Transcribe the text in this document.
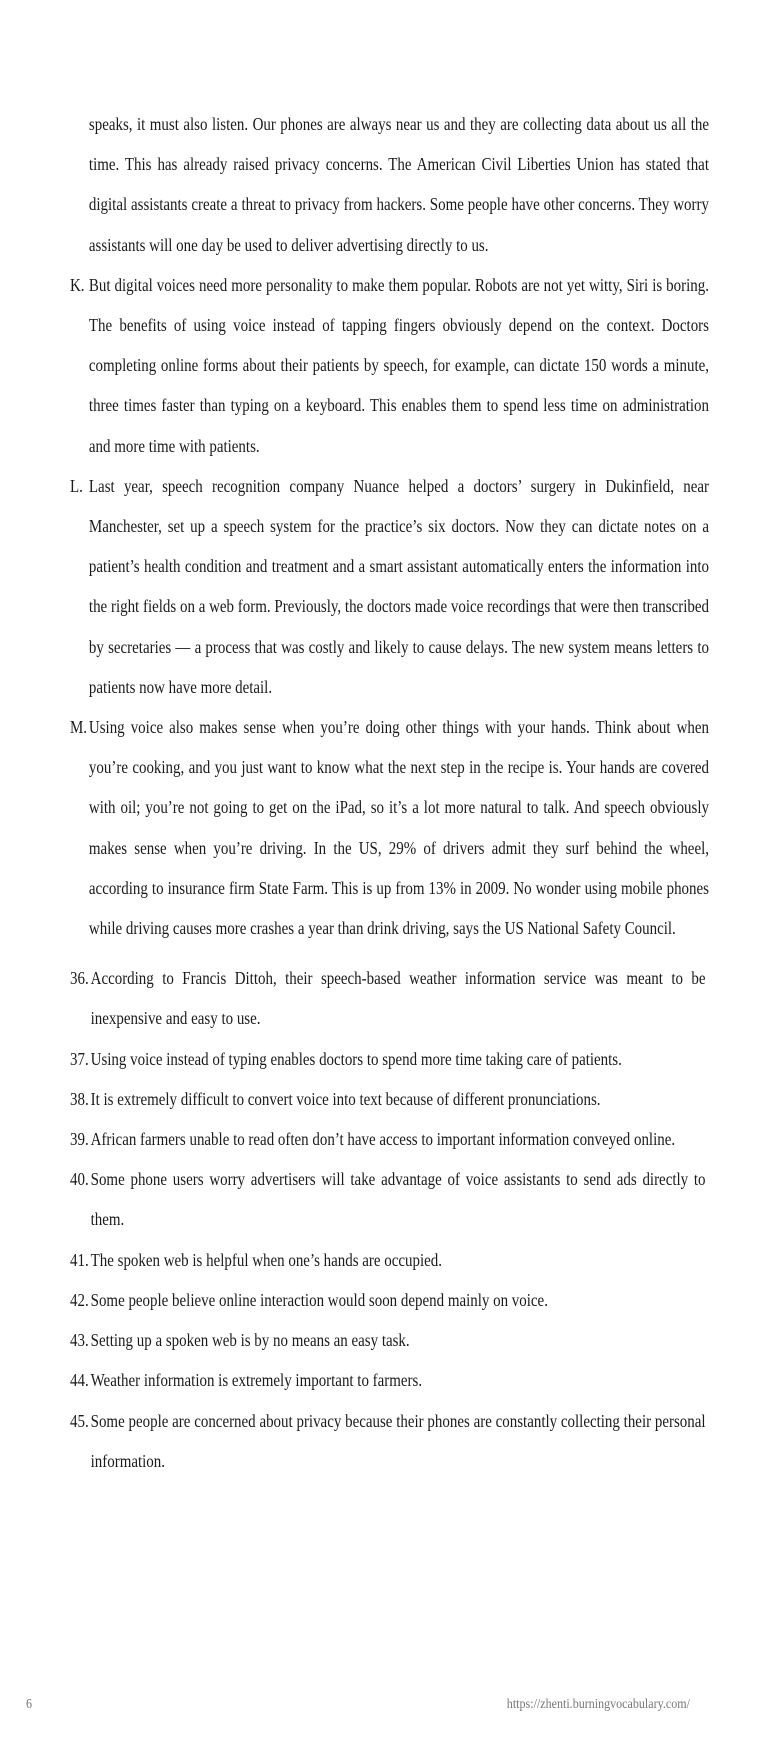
speaks, it must also listen. Our phones are always near us and they are collecting data about us all the time. This has already raised privacy concerns. The American Civil Liberties Union has stated that digital assistants create a threat to privacy from hackers. Some people have other concerns. They worry assistants will one day be used to deliver advertising directly to us.

K. But digital voices need more personality to make them popular. Robots are not yet witty, Siri is boring. The benefits of using voice instead of tapping fingers obviously depend on the context. Doctors completing online forms about their patients by speech, for example, can dictate 150 words a minute, three times faster than typing on a keyboard. This enables them to spend less time on administration and more time with patients.

L. Last year, speech recognition company Nuance helped a doctors’ surgery in Dukinfield, near Manchester, set up a speech system for the practice’s six doctors. Now they can dictate notes on a patient’s health condition and treatment and a smart assistant automatically enters the information into the right fields on a web form. Previously, the doctors made voice recordings that were then transcribed by secretaries — a process that was costly and likely to cause delays. The new system means letters to patients now have more detail.

M. Using voice also makes sense when you’re doing other things with your hands. Think about when you’re cooking, and you just want to know what the next step in the recipe is. Your hands are covered with oil; you’re not going to get on the iPad, so it’s a lot more natural to talk. And speech obviously makes sense when you’re driving. In the US, 29% of drivers admit they surf behind the wheel, according to insurance firm State Farm. This is up from 13% in 2009. No wonder using mobile phones while driving causes more crashes a year than drink driving, says the US National Safety Council.

36. According to Francis Dittoh, their speech-based weather information service was meant to be inexpensive and easy to use.

37. Using voice instead of typing enables doctors to spend more time taking care of patients.

38. It is extremely difficult to convert voice into text because of different pronunciations.

39. African farmers unable to read often don’t have access to important information conveyed online.

40. Some phone users worry advertisers will take advantage of voice assistants to send ads directly to them.

41. The spoken web is helpful when one’s hands are occupied.

42. Some people believe online interaction would soon depend mainly on voice.

43. Setting up a spoken web is by no means an easy task.

44. Weather information is extremely important to farmers.

45. Some people are concerned about privacy because their phones are constantly collecting their personal information.

6	https://zhenti.burningvocabulary.com/
